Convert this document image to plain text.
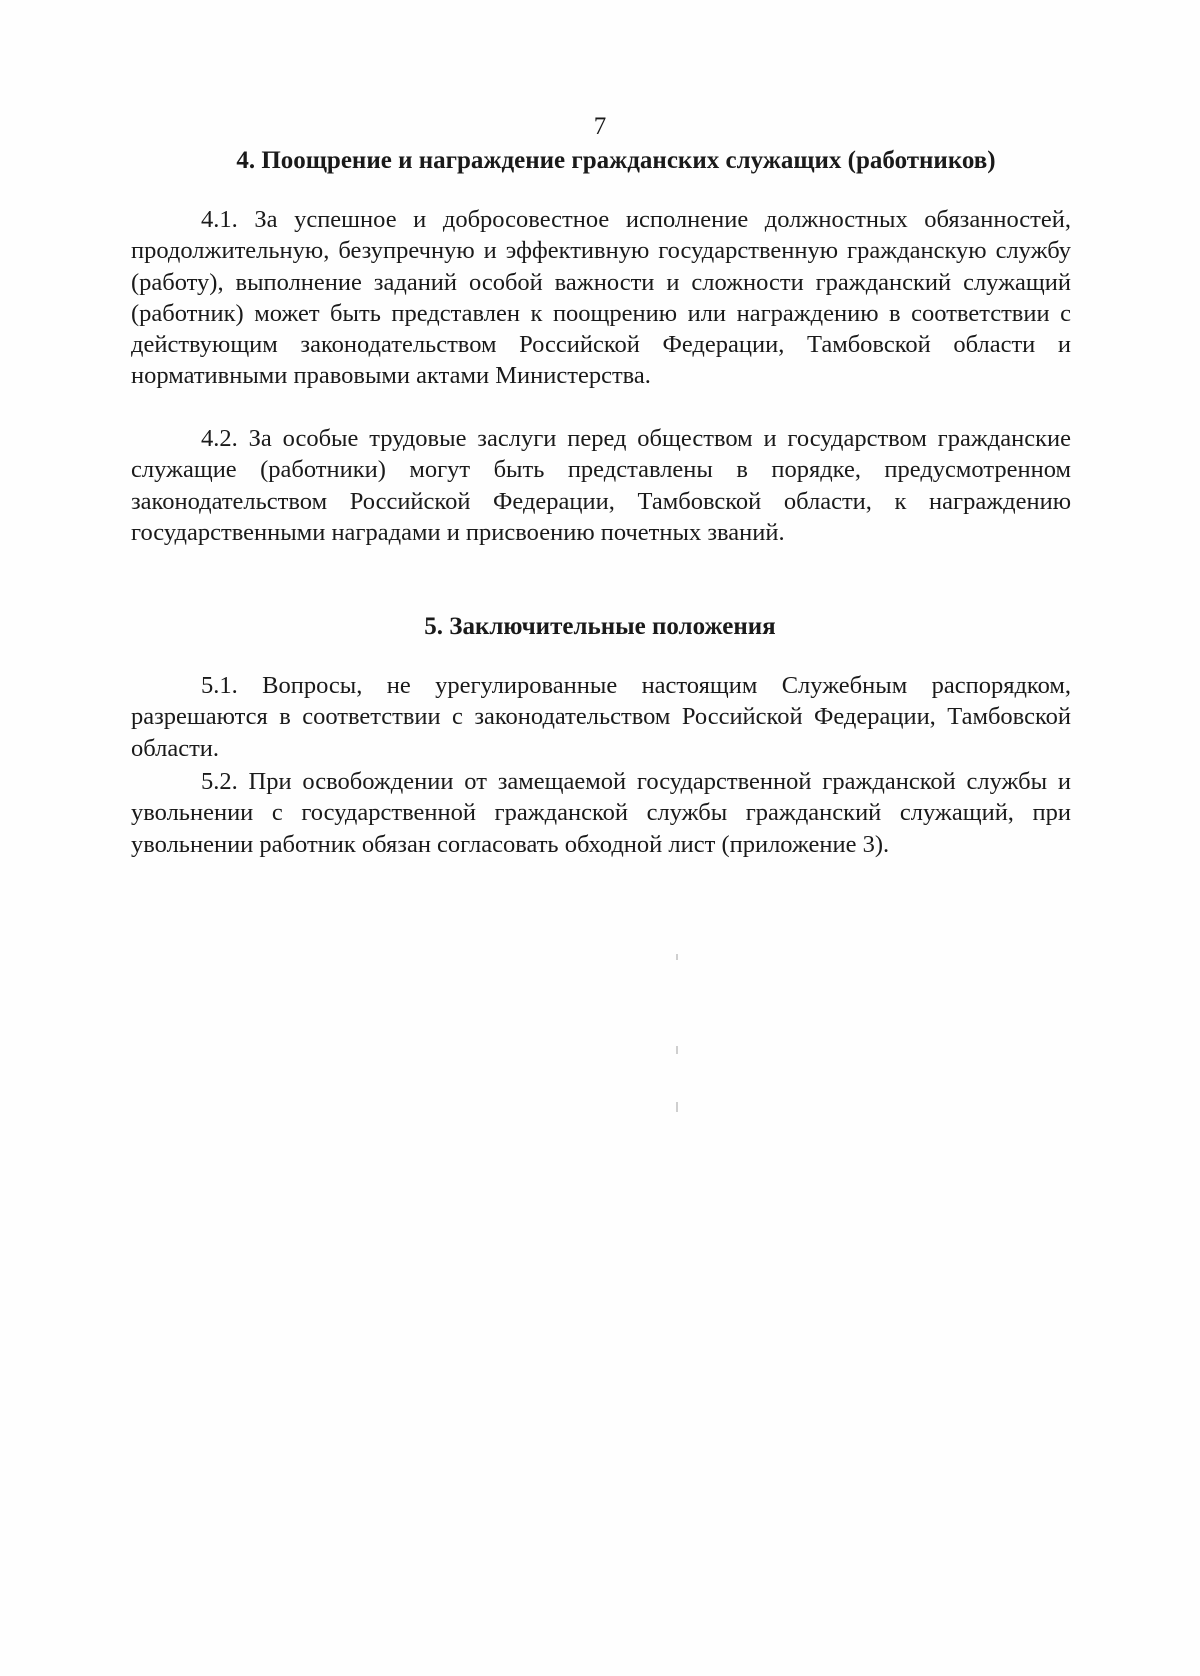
7
4. Поощрение и награждение гражданских служащих (работников)

4.1. За успешное и добросовестное исполнение должностных обязанностей, продолжительную, безупречную и эффективную государственную гражданскую службу (работу), выполнение заданий особой важности и сложности гражданский служащий (работник) может быть представлен к поощрению или награждению в соответствии с действующим законодательством Российской Федерации, Тамбовской области и нормативными правовыми актами Министерства.

4.2. За особые трудовые заслуги перед обществом и государством гражданские служащие (работники) могут быть представлены в порядке, предусмотренном законодательством Российской Федерации, Тамбовской области, к награждению государственными наградами и присвоению почетных званий.

5. Заключительные положения

5.1. Вопросы, не урегулированные настоящим Служебным распорядком, разрешаются в соответствии с законодательством Российской Федерации, Тамбовской области.

5.2. При освобождении от замещаемой государственной гражданской службы и увольнении с государственной гражданской службы гражданский служащий, при увольнении работник обязан согласовать обходной лист (приложение 3).
